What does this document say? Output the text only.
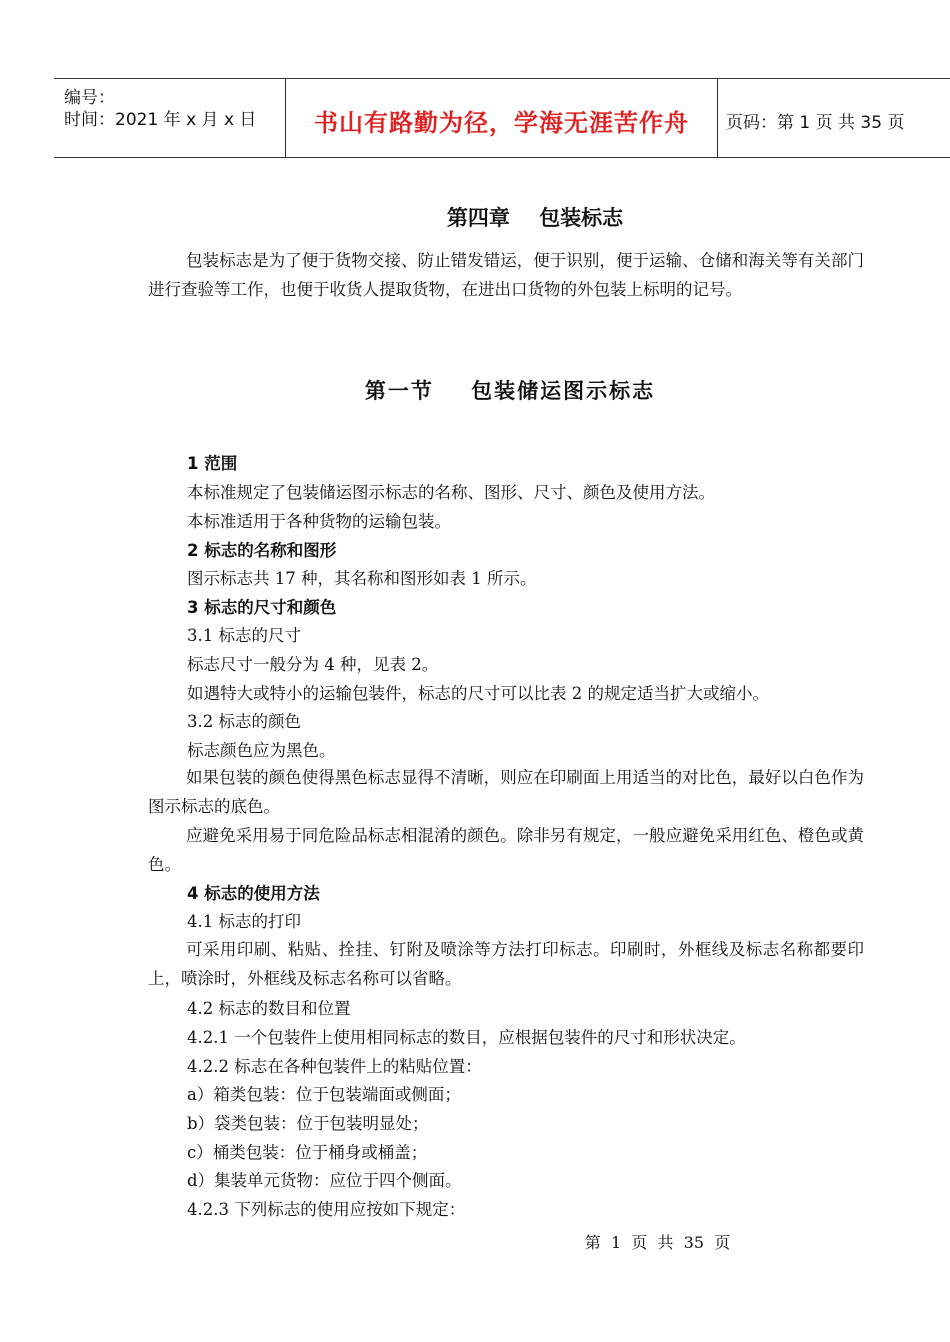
编号：
时间：2021 年 x 月 x 日 书山有路勤为径，学海无涯苦作舟 页码：第 1 页 共 35 页
第四章    包装标志
包装标志是为了便于货物交接、防止错发错运，便于识别，便于运输、仓储和海关等有关部门进行查验等工作，也便于收货人提取货物，在进出口货物的外包装上标明的记号。
第一节    包装储运图示标志
1 范围
本标准规定了包装储运图示标志的名称、图形、尺寸、颜色及使用方法。
本标准适用于各种货物的运输包装。
2 标志的名称和图形
图示标志共 17 种，其名称和图形如表 1 所示。
3 标志的尺寸和颜色
3.1 标志的尺寸
标志尺寸一般分为 4 种，见表 2。
如遇特大或特小的运输包装件，标志的尺寸可以比表 2 的规定适当扩大或缩小。
3.2 标志的颜色
标志颜色应为黑色。
如果包装的颜色使得黑色标志显得不清晰，则应在印刷面上用适当的对比色，最好以白色作为图示标志的底色。
应避免采用易于同危险品标志相混淆的颜色。除非另有规定，一般应避免采用红色、橙色或黄色。
4 标志的使用方法
4.1 标志的打印
可采用印刷、粘贴、拴挂、钉附及喷涂等方法打印标志。印刷时，外框线及标志名称都要印上，喷涂时，外框线及标志名称可以省略。
4.2 标志的数目和位置
4.2.1 一个包装件上使用相同标志的数目，应根据包装件的尺寸和形状决定。
4.2.2 标志在各种包装件上的粘贴位置：
a）箱类包装：位于包装端面或侧面；
b）袋类包装：位于包装明显处；
c）桶类包装：位于桶身或桶盖；
d）集装单元货物：应位于四个侧面。
4.2.3 下列标志的使用应按如下规定：
第  1  页  共  35  页
